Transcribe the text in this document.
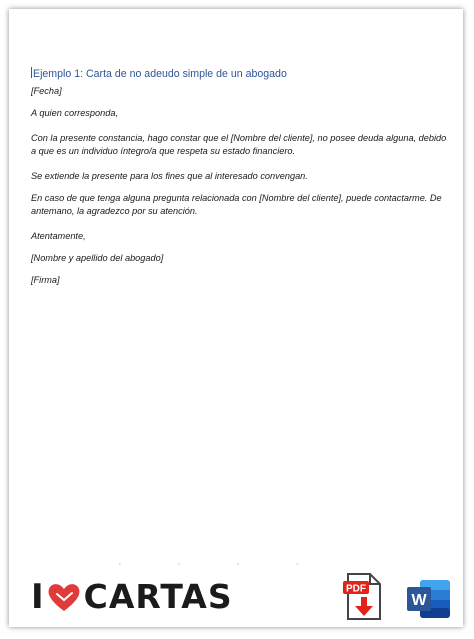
Ejemplo 1: Carta de no adeudo simple de un abogado
[Fecha]
A quien corresponda,
Con la presente constancia, hago constar que el [Nombre del cliente], no posee deuda alguna, debido a que es un individuo íntegro/a que respeta su estado financiero.
Se extiende la presente para los fines que al interesado convengan.
En caso de que tenga alguna pregunta relacionada con [Nombre del cliente], puede contactarme. De antemano, la agradezco por su atención.
Atentamente,
[Nombre y apellido del abogado]
[Firma]
• • • •
I CARTAS	PDF
W
